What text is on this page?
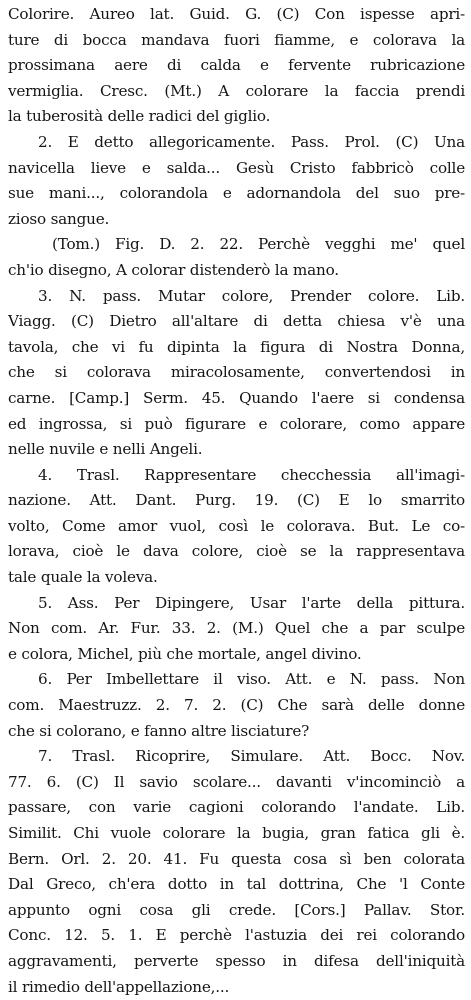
Colorire. Aureo lat. Guid. G. (C) Con ispesse apri-
ture di bocca mandava fuori fiamme, e colorava la
prossimana aere di calda e fervente rubricazione
vermiglia. Cresc. (Mt.) A colorare la faccia prendi
la tuberosità delle radici del giglio.
2. E detto allegoricamente. Pass. Prol. (C) Una
navicella lieve e salda... Gesù Cristo fabbricò colle
sue mani..., colorandola e adornandola del suo pre-
zioso sangue.
(Tom.) Fig. D. 2. 22. Perchè vegghi me' quel
ch'io disegno, A colorar distenderò la mano.
3. N. pass. Mutar colore, Prender colore. Lib.
Viagg. (C) Dietro all'altare di detta chiesa v'è una
tavola, che vi fu dipinta la figura di Nostra Donna,
che si colorava miracolosamente, convertendosi in
carne. [Camp.] Serm. 45. Quando l'aere si condensa
ed ingrossa, si può figurare e colorare, como appare
nelle nuvile e nelli Angeli.
4. Trasl. Rappresentare checchessia all'imagi-
nazione. Att. Dant. Purg. 19. (C) E lo smarrito
volto, Come amor vuol, così le colorava. But. Le co-
lorava, cioè le dava colore, cioè se la rappresentava
tale quale la voleva.
5. Ass. Per Dipingere, Usar l'arte della pittura.
Non com. Ar. Fur. 33. 2. (M.) Quel che a par sculpe
e colora, Michel, più che mortale, angel divino.
6. Per Imbellettare il viso. Att. e N. pass. Non
com. Maestruzz. 2. 7. 2. (C) Che sarà delle donne
che si colorano, e fanno altre lisciature?
7. Trasl. Ricoprire, Simulare. Att. Bocc. Nov.
77. 6. (C) Il savio scolare... davanti v'incominciò a
passare, con varie cagioni colorando l'andate. Lib.
Similit. Chi vuole colorare la bugia, gran fatica gli è.
Bern. Orl. 2. 20. 41. Fu questa cosa sì ben colorata
Dal Greco, ch'era dotto in tal dottrina, Che 'l Conte
appunto ogni cosa gli crede. [Cors.] Pallav. Stor.
Conc. 12. 5. 1. E perchè l'astuzia dei rei colorando
aggravamenti, perverte spesso in difesa dell'iniquità
il rimedio dell'appellazione,...
